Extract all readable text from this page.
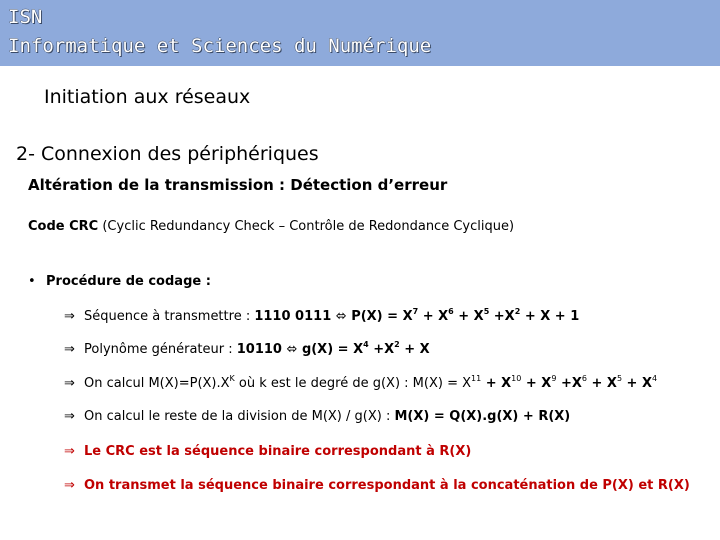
ISN
Informatique et Sciences du Numérique
Initiation aux réseaux
2- Connexion des périphériques
Altération de la transmission : Détection d’erreur
Code CRC (Cyclic Redundancy Check – Contrôle de Redondance Cyclique)
• Procédure de codage :
⇒ Séquence à transmettre : 1110 0111 ⬄ $P(X) = X^7 + X^6 + X^5 +X^2 + X + 1$
⇒ Polynôme générateur : 10110 ⬄ $g(X) = X^4 +X^2 + X$
⇒ On calcul $M(X)=P(X).X^K$ où k est le degré de g(X) : $M(X) = X^{11} + X^{10} + X^9 +X^6 + X^5 + X^4$
⇒ On calcul le reste de la division de M(X) / g(X) : M(X) = Q(X).g(X) + R(X)
⇒ Le CRC est la séquence binaire correspondant à R(X)
⇒ On transmet la séquence binaire correspondant à la concaténation de P(X) et R(X)
